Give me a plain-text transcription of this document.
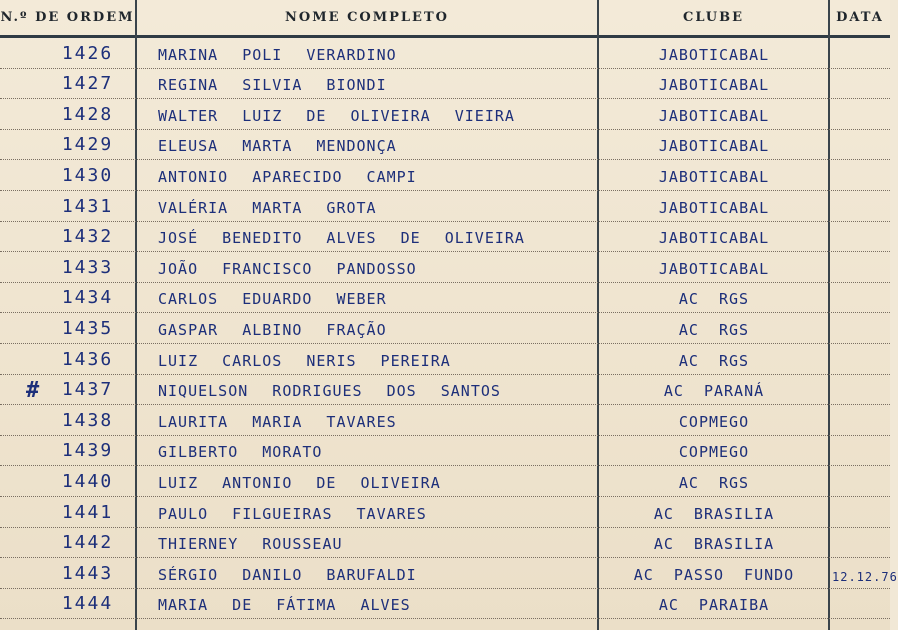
N.º DE ORDEM	NOME COMPLETO	CLUBE	DATA
1426	MARINA POLI VERARDINO	JABOTICABAL
1427	REGINA SILVIA BIONDI	JABOTICABAL
1428	WALTER LUIZ DE OLIVEIRA VIEIRA	JABOTICABAL
1429	ELEUSA MARTA MENDONÇA	JABOTICABAL
1430	ANTONIO APARECIDO CAMPI	JABOTICABAL
1431	VALÉRIA MARTA GROTA	JABOTICABAL
1432	JOSÉ BENEDITO ALVES DE OLIVEIRA	JABOTICABAL
1433	JOÃO FRANCISCO PANDOSSO	JABOTICABAL
1434	CARLOS EDUARDO WEBER	AC RGS
1435	GASPAR ALBINO FRAÇÃO	AC RGS
1436	LUIZ CARLOS NERIS PEREIRA	AC RGS
1437	NIQUELSON RODRIGUES DOS SANTOS	AC PARANÁ
1438	LAURITA MARIA TAVARES	COPMEGO
1439	GILBERTO MORATO	COPMEGO
1440	LUIZ ANTONIO DE OLIVEIRA	AC RGS
1441	PAULO FILGUEIRAS TAVARES	AC BRASILIA
1442	THIERNEY ROUSSEAU	AC BRASILIA
1443	SÉRGIO DANILO BARUFALDI	AC PASSO FUNDO	12.12.76
1444	MARIA DE FÁTIMA ALVES	AC PARAIBA
#
